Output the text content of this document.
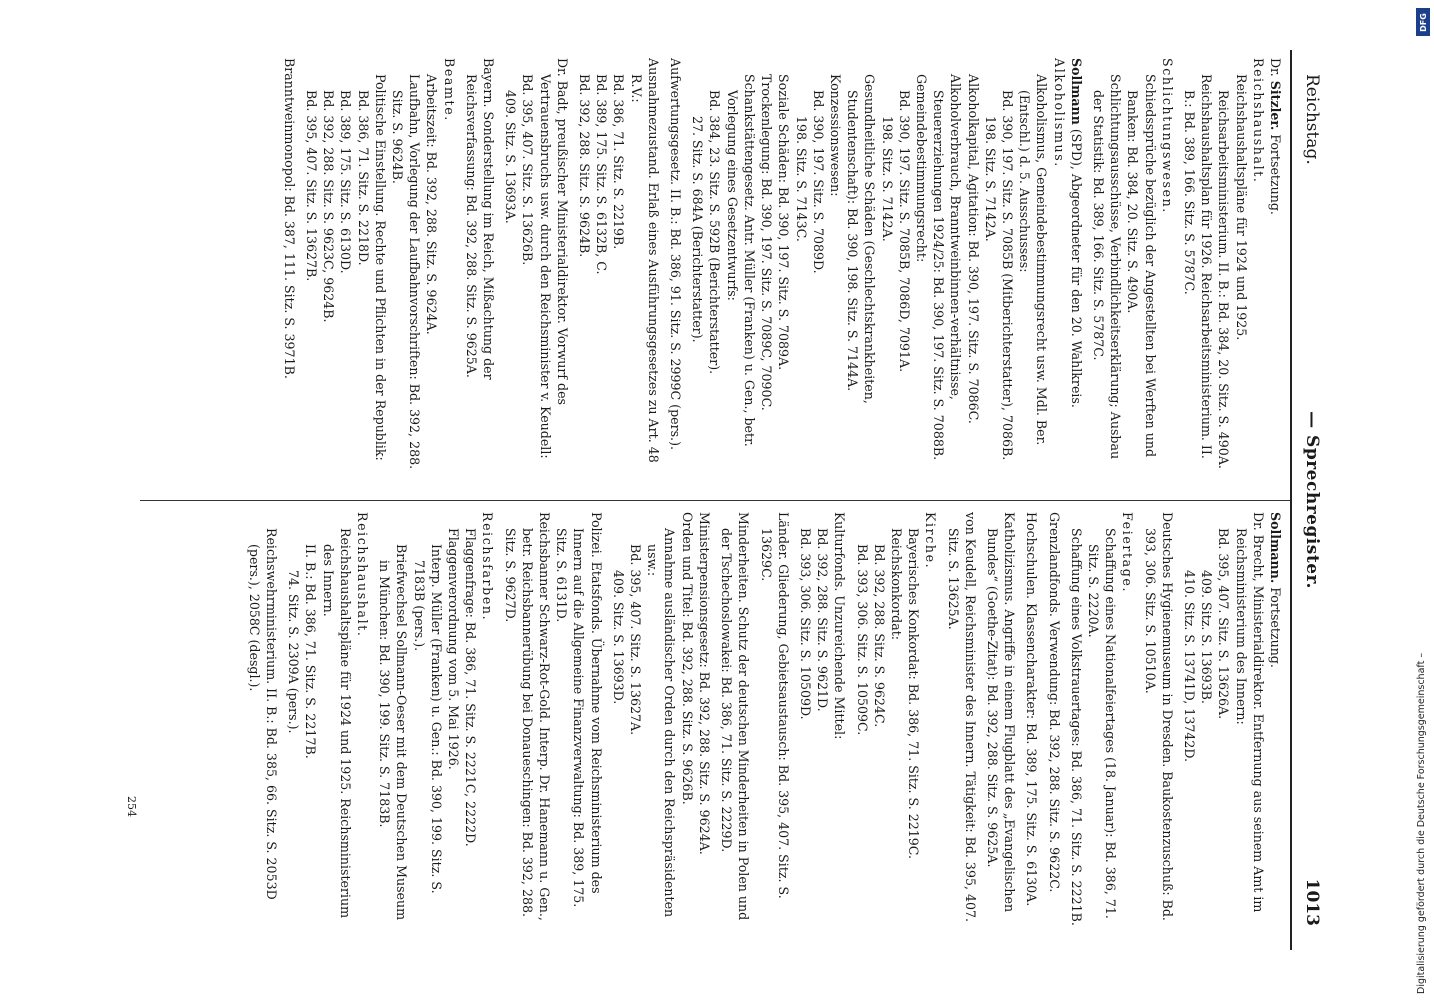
Reichstag.
— Sprechregister.
1013

Dr. Sitzler. Fortsetzung.

Reichshaushalt.

Reichshaushaltspläne für 1924 und 1925. Reichsarbeitsministerium. II. B.: Bd. 384, 20. Sitz. S. 490A.

Reichshaushaltsplan für 1926. Reichsarbeitsministerium. II. B.: Bd. 389, 166. Sitz. S. 5787C.

Schlichtungswesen.

Schiedssprüche bezüglich der Angestellten bei Werften und Banken: Bd. 384, 20. Sitz. S. 490A.

Schlichtungsausschüsse, Verbindlichkeitserklärung; Ausbau der Statistik: Bd. 389, 166. Sitz. S. 5787C.

Sollmann (SPD), Abgeordneter für den 20. Wahlkreis.

Alkoholismus.

Alkoholismus, Gemeindebestimmungsrecht usw. Mdl. Ber. (Entschl.) d. 5. Ausschusses:

Bd. 390, 197. Sitz. S. 7085B (Mitberichterstatter), 7086B.

198. Sitz. S. 7142A.

Alkoholkapital, Agitation: Bd. 390, 197. Sitz. S. 7086C.

Alkoholverbrauch, Branntweinbinnen-verhältnisse, Steuererziehungen 1924/25: Bd. 390, 197. Sitz. S. 7088B.

Gemeindebestimmungsrecht:

Bd. 390, 197. Sitz. S. 7085B, 7086D, 7091A.

198. Sitz. S. 7142A.

Gesundheitliche Schäden (Geschlechtskrankheiten, Studentenschaft): Bd. 390, 198. Sitz. S. 7144A.

Konzessionswesen:

Bd. 390, 197. Sitz. S. 7089D.

198. Sitz. S. 7143C.

Soziale Schäden: Bd. 390, 197. Sitz. S. 7089A.

Trockenlegung: Bd. 390, 197. Sitz. S. 7089C, 7090C.

Schankstättengesetz. Antr. Müller (Franken) u. Gen., betr. Vorlegung eines Gesetzentwurfs:

Bd. 384, 23. Sitz. S. 592B (Berichterstatter).

27. Sitz. S. 684A (Berichterstatter).

Aufwertungsgesetz. II. B.: Bd. 386, 91. Sitz. S. 2999C (pers.).

Ausnahmezustand. Erlaß eines Ausführungsgesetzes zu Art. 48 R.V.:

Bd. 386, 71. Sitz. S. 2219B.

Bd. 389, 175. Sitz. S. 6132B, C.

Bd. 392, 288. Sitz. S. 9624B.

Dr. Badt, preußischer Ministerialdirektor. Vorwurf des Vertrauensbruchs usw. durch den Reichsminister v. Keudell:

Bd. 395, 407. Sitz. S. 13626B.

409. Sitz. S. 13693A.

Bayern. Sonderstellung im Reich, Mißachtung der Reichsverfassung: Bd. 392, 288. Sitz. S. 9625A.

Beamte.

Arbeitszeit: Bd. 392, 288. Sitz. S. 9624A.

Laufbahn, Vorlegung der Laufbahnvorschriften: Bd. 392, 288. Sitz. S. 9624B.

Politische Einstellung. Rechte und Pflichten in der Republik:

Bd. 386, 71. Sitz. S. 2218D.

Bd. 389, 175. Sitz. S. 6130D.

Bd. 392, 288. Sitz. S. 9623C, 9624B.

Bd. 395, 407. Sitz. S. 13627B.

Branntweinmonopol: Bd. 387, 111. Sitz. S. 3971B.

Sollmann. Fortsetzung.

Dr. Brecht, Ministerialdirektor. Entfernung aus seinem Amt im Reichsministerium des Innern:

Bd. 395, 407. Sitz. S. 13626A.

409. Sitz. S. 13693B.

410. Sitz. S. 13741D, 13742D.

Deutsches Hygienemuseum in Dresden. Baukostenzuschuß: Bd. 393, 306. Sitz. S. 10510A.

Feiertage.

Schaffung eines Nationalfeiertages (18. Januar): Bd. 386, 71. Sitz. S. 2220A.

Schaffung eines Volkstrauertages: Bd. 386, 71. Sitz. S. 2221B.

Grenzlandfonds. Verwendung: Bd. 392, 288. Sitz. S. 9622C.

Hochschulen. Klassencharakter: Bd. 389, 175. Sitz. S. 6130A.

Katholizismus. Angriffe in einem Flugblatt des „Evangelischen Bundes“ (Goethe-Zitat): Bd. 392, 288. Sitz. S. 9625A.

von Keudell, Reichsminister des Innern. Tätigkeit: Bd. 395, 407. Sitz. S. 13625A.

Kirche.

Bayerisches Konkordat: Bd. 386, 71. Sitz. S. 2219C.

Reichskonkordat:

Bd. 392, 288. Sitz. S. 9624C.

Bd. 393, 306. Sitz. S. 10509C.

Kulturfonds. Unzureichende Mittel:

Bd. 392, 288. Sitz. S. 9621D.

Bd. 393, 306. Sitz. S. 10509D.

Länder. Gliederung, Gebietsaustausch: Bd. 395, 407. Sitz. S. 13629C.

Minderheiten. Schutz der deutschen Minderheiten in Polen und der Tschechoslowakei: Bd. 386, 71. Sitz. S. 2229D.

Ministerpensionsgesetz: Bd. 392, 288. Sitz. S. 9624A.

Orden und Titel: Bd. 392, 288. Sitz. S. 9626B.

Annahme ausländischer Orden durch den Reichspräsidenten usw.:

Bd. 395, 407. Sitz. S. 13627A.

409. Sitz. S. 13693D.

Polizei. Etatsfonds. Übernahme vom Reichsministerium des Innern auf die Allgemeine Finanzverwaltung: Bd. 389, 175. Sitz. S. 6131D.

Reichsbanner Schwarz-Rot-Gold. Interp. Dr. Hanemann u. Gen., betr. Reichsbannerübung bei Donaueschingen: Bd. 392, 288. Sitz. S. 9627D.

Reichsfarben.

Flaggenfrage: Bd. 386, 71. Sitz. S. 2221C, 2222D.

Flaggenverordnung vom 5. Mai 1926.

Interp. Müller (Franken) u. Gen.: Bd. 390, 199. Sitz. S. 7183B (pers.).

Briefwechsel Sollmann-Oeser mit dem Deutschen Museum in München: Bd. 390, 199. Sitz. S. 7183B.

Reichshaushalt.

Reichshaushaltspläne für 1924 und 1925. Reichsministerium des Innern.

II. B.: Bd. 386, 71. Sitz. S. 2217B.

74. Sitz. S. 2309A (pers.).

Reichswehrministerium. II. B.: Bd. 385, 66. Sitz. S. 2053D (pers.), 2058C (desgl.).

254
DFG
Digitalisierung gefördert durch die Deutsche Forschungsgemeinschaft –
